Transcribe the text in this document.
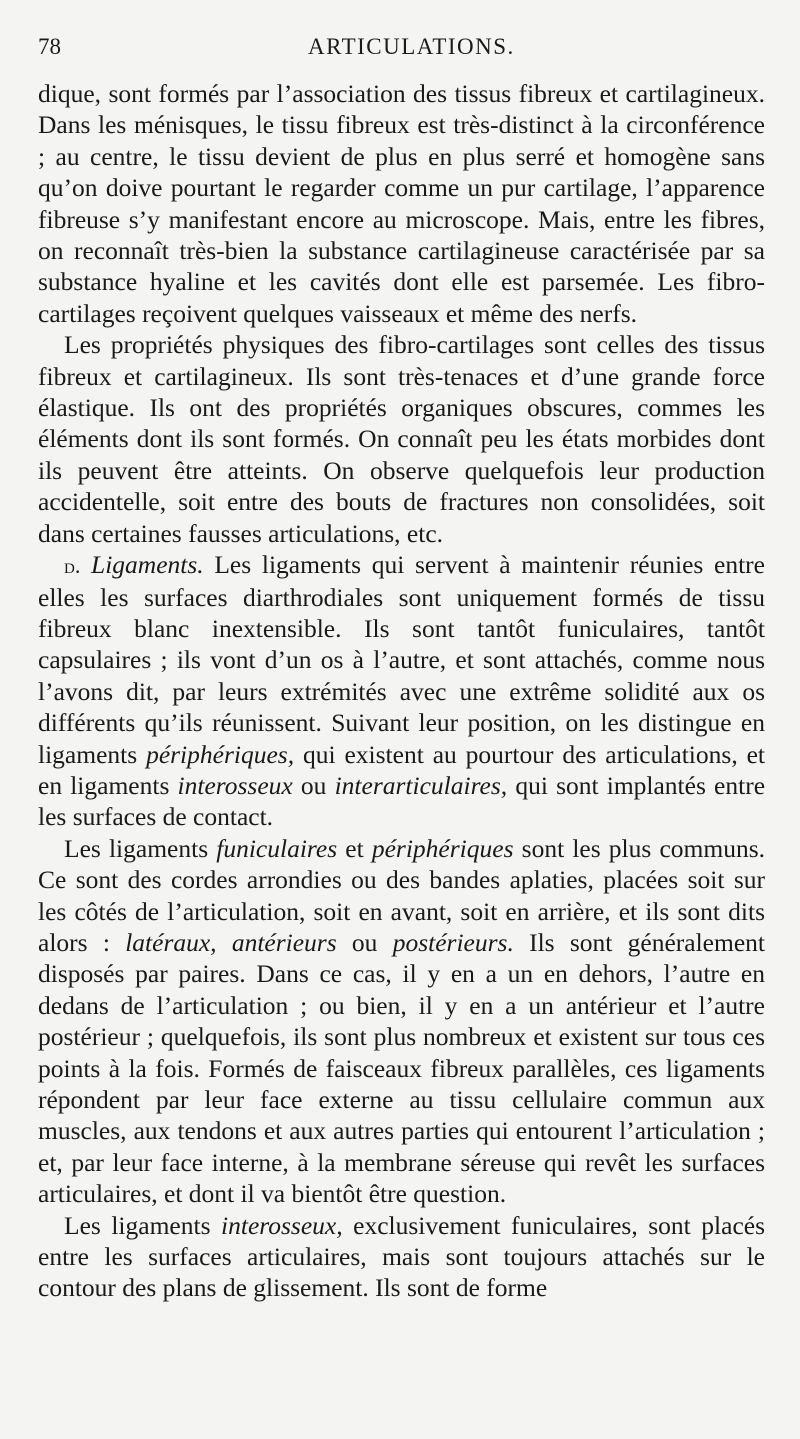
78	ARTICULATIONS.

dique, sont formés par l’association des tissus fibreux et cartilagineux. Dans les ménisques, le tissu fibreux est très-distinct à la circonférence ; au centre, le tissu devient de plus en plus serré et homogène sans qu’on doive pourtant le regarder comme un pur cartilage, l’apparence fibreuse s’y manifestant encore au microscope. Mais, entre les fibres, on reconnaît très-bien la substance cartilagineuse caractérisée par sa substance hyaline et les cavités dont elle est parsemée. Les fibro-cartilages reçoivent quelques vaisseaux et même des nerfs.

Les propriétés physiques des fibro-cartilages sont celles des tissus fibreux et cartilagineux. Ils sont très-tenaces et d’une grande force élastique. Ils ont des propriétés organiques obscures, commes les éléments dont ils sont formés. On connaît peu les états morbides dont ils peuvent être atteints. On observe quelquefois leur production accidentelle, soit entre des bouts de fractures non consolidées, soit dans certaines fausses articulations, etc.

d. Ligaments. Les ligaments qui servent à maintenir réunies entre elles les surfaces diarthrodiales sont uniquement formés de tissu fibreux blanc inextensible. Ils sont tantôt funiculaires, tantôt capsulaires ; ils vont d’un os à l’autre, et sont attachés, comme nous l’avons dit, par leurs extrémités avec une extrême solidité aux os différents qu’ils réunissent. Suivant leur position, on les distingue en ligaments périphériques, qui existent au pourtour des articulations, et en ligaments interosseux ou interarticulaires, qui sont implantés entre les surfaces de contact.

Les ligaments funiculaires et périphériques sont les plus communs. Ce sont des cordes arrondies ou des bandes aplaties, placées soit sur les côtés de l’articulation, soit en avant, soit en arrière, et ils sont dits alors : latéraux, antérieurs ou postérieurs. Ils sont généralement disposés par paires. Dans ce cas, il y en a un en dehors, l’autre en dedans de l’articulation ; ou bien, il y en a un antérieur et l’autre postérieur ; quelquefois, ils sont plus nombreux et existent sur tous ces points à la fois. Formés de faisceaux fibreux parallèles, ces ligaments répondent par leur face externe au tissu cellulaire commun aux muscles, aux tendons et aux autres parties qui entourent l’articulation ; et, par leur face interne, à la membrane séreuse qui revêt les surfaces articulaires, et dont il va bientôt être question.

Les ligaments interosseux, exclusivement funiculaires, sont placés entre les surfaces articulaires, mais sont toujours attachés sur le contour des plans de glissement. Ils sont de forme
